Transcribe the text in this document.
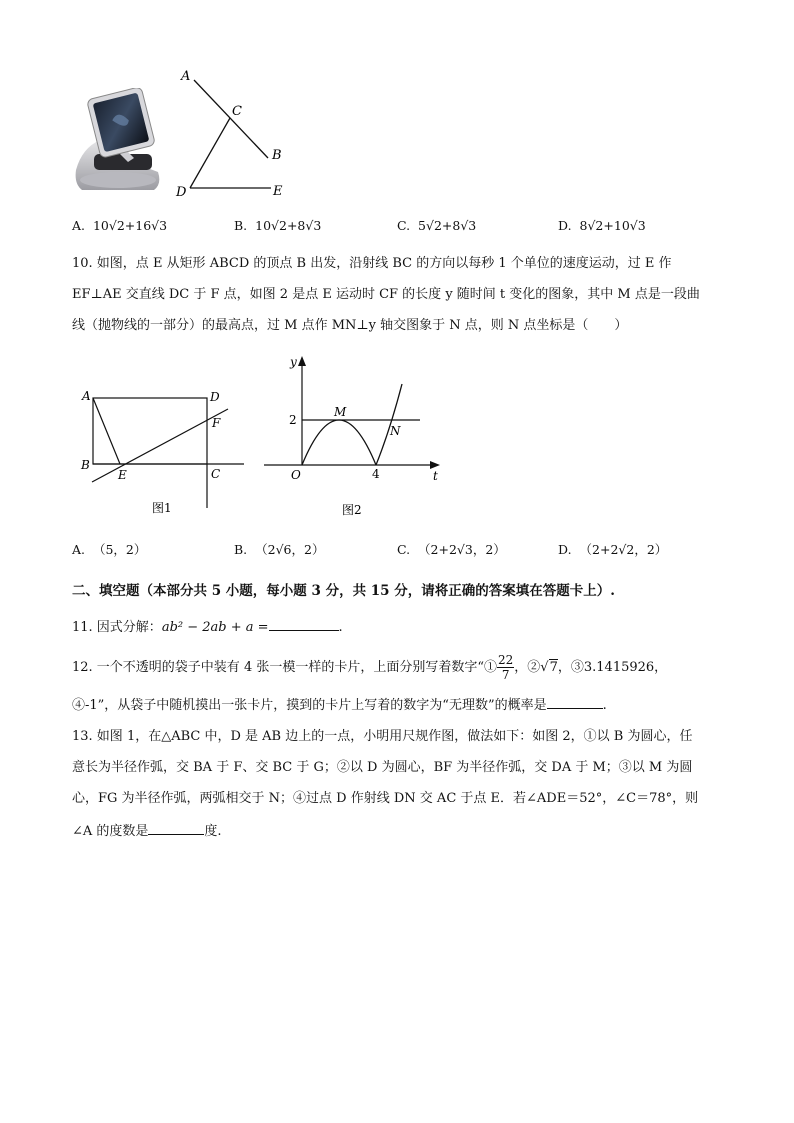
A
C
B
D	E
A. 10√2+16√3	B. 10√2+8√3	C. 5√2+8√3	D. 8√2+10√3
10. 如图，点 E 从矩形 ABCD 的顶点 B 出发，沿射线 BC 的方向以每秒 1 个单位的速度运动，过 E 作
EF⊥AE 交直线 DC 于 F 点，如图 2 是点 E 运动时 CF 的长度 y 随时间 t 变化的图象，其中 M 点是一段曲
线（抛物线的一部分）的最高点，过 M 点作 MN⊥y 轴交图象于 N 点，则 N 点坐标是（　　）
A	D
F
B
E	C
图1
y
2
M
N
O	4	t
图2
A. （5，2）	B. （2√6，2）	C. （2+2√3，2）	D. （2+2√2，2）
二、填空题（本部分共 5 小题，每小题 3 分，共 15 分，请将正确的答案填在答题卡上）.
11. 因式分解：ab² − 2ab + a =	.
12. 一个不透明的袋子中装有 4 张一模一样的卡片，上面分别写着数字“① $\frac{22}{7}$ ，②√7，③3.1415926，
④-1”，从袋子中随机摸出一张卡片，摸到的卡片上写着的数字为“无理数”的概率是	.
13. 如图 1，在△ABC 中，D 是 AB 边上的一点，小明用尺规作图，做法如下：如图 2，①以 B 为圆心，任
意长为半径作弧，交 BA 于 F、交 BC 于 G；②以 D 为圆心，BF 为半径作弧，交 DA 于 M；③以 M 为圆
心，FG 为半径作弧，两弧相交于 N；④过点 D 作射线 DN 交 AC 于点 E．若∠ADE＝52°，∠C＝78°，则
∠A 的度数是	度.
